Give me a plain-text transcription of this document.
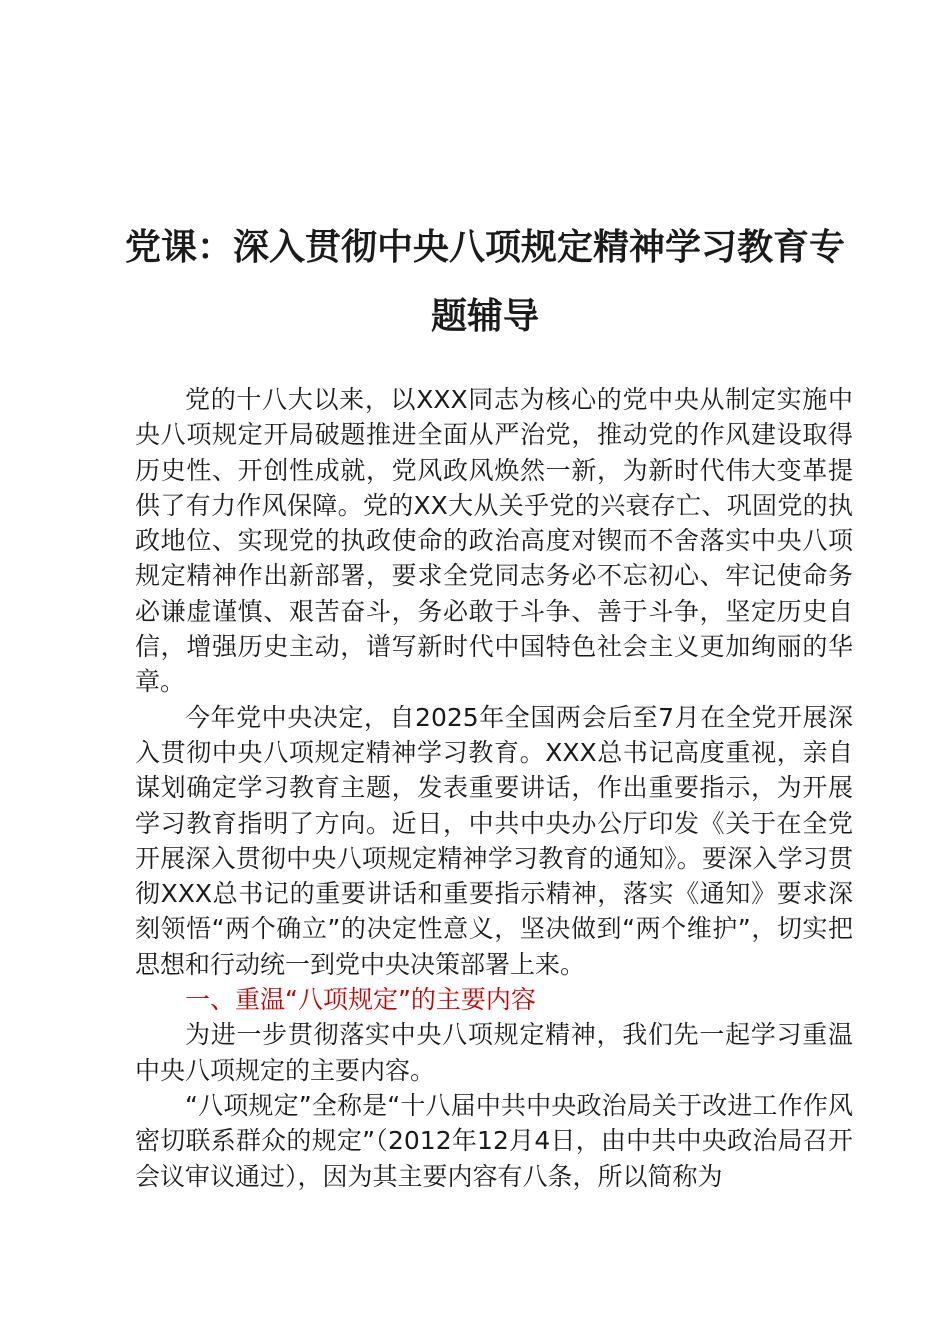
党课：深入贯彻中央八项规定精神学习教育专
题辅导

党的十八大以来，以XXX同志为核心的党中央从制定实施中央八项规定开局破题推进全面从严治党，推动党的作风建设取得历史性、开创性成就，党风政风焕然一新，为新时代伟大变革提供了有力作风保障。党的XX大从关乎党的兴衰存亡、巩固党的执政地位、实现党的执政使命的政治高度对锲而不舍落实中央八项规定精神作出新部署，要求全党同志务必不忘初心、牢记使命务必谦虚谨慎、艰苦奋斗，务必敢于斗争、善于斗争，坚定历史自信，增强历史主动，谱写新时代中国特色社会主义更加绚丽的华章。

今年党中央决定，自2025年全国两会后至7月在全党开展深入贯彻中央八项规定精神学习教育。XXX总书记高度重视，亲自谋划确定学习教育主题，发表重要讲话，作出重要指示，为开展学习教育指明了方向。近日，中共中央办公厅印发《关于在全党开展深入贯彻中央八项规定精神学习教育的通知》。要深入学习贯彻XXX总书记的重要讲话和重要指示精神，落实《通知》要求深刻领悟“两个确立”的决定性意义，坚决做到“两个维护”，切实把思想和行动统一到党中央决策部署上来。

一、重温“八项规定”的主要内容

为进一步贯彻落实中央八项规定精神，我们先一起学习重温中央八项规定的主要内容。

“八项规定”全称是“十八届中共中央政治局关于改进工作作风密切联系群众的规定”（2012年12月4日，由中共中央政治局召开会议审议通过），因为其主要内容有八条，所以简称为
